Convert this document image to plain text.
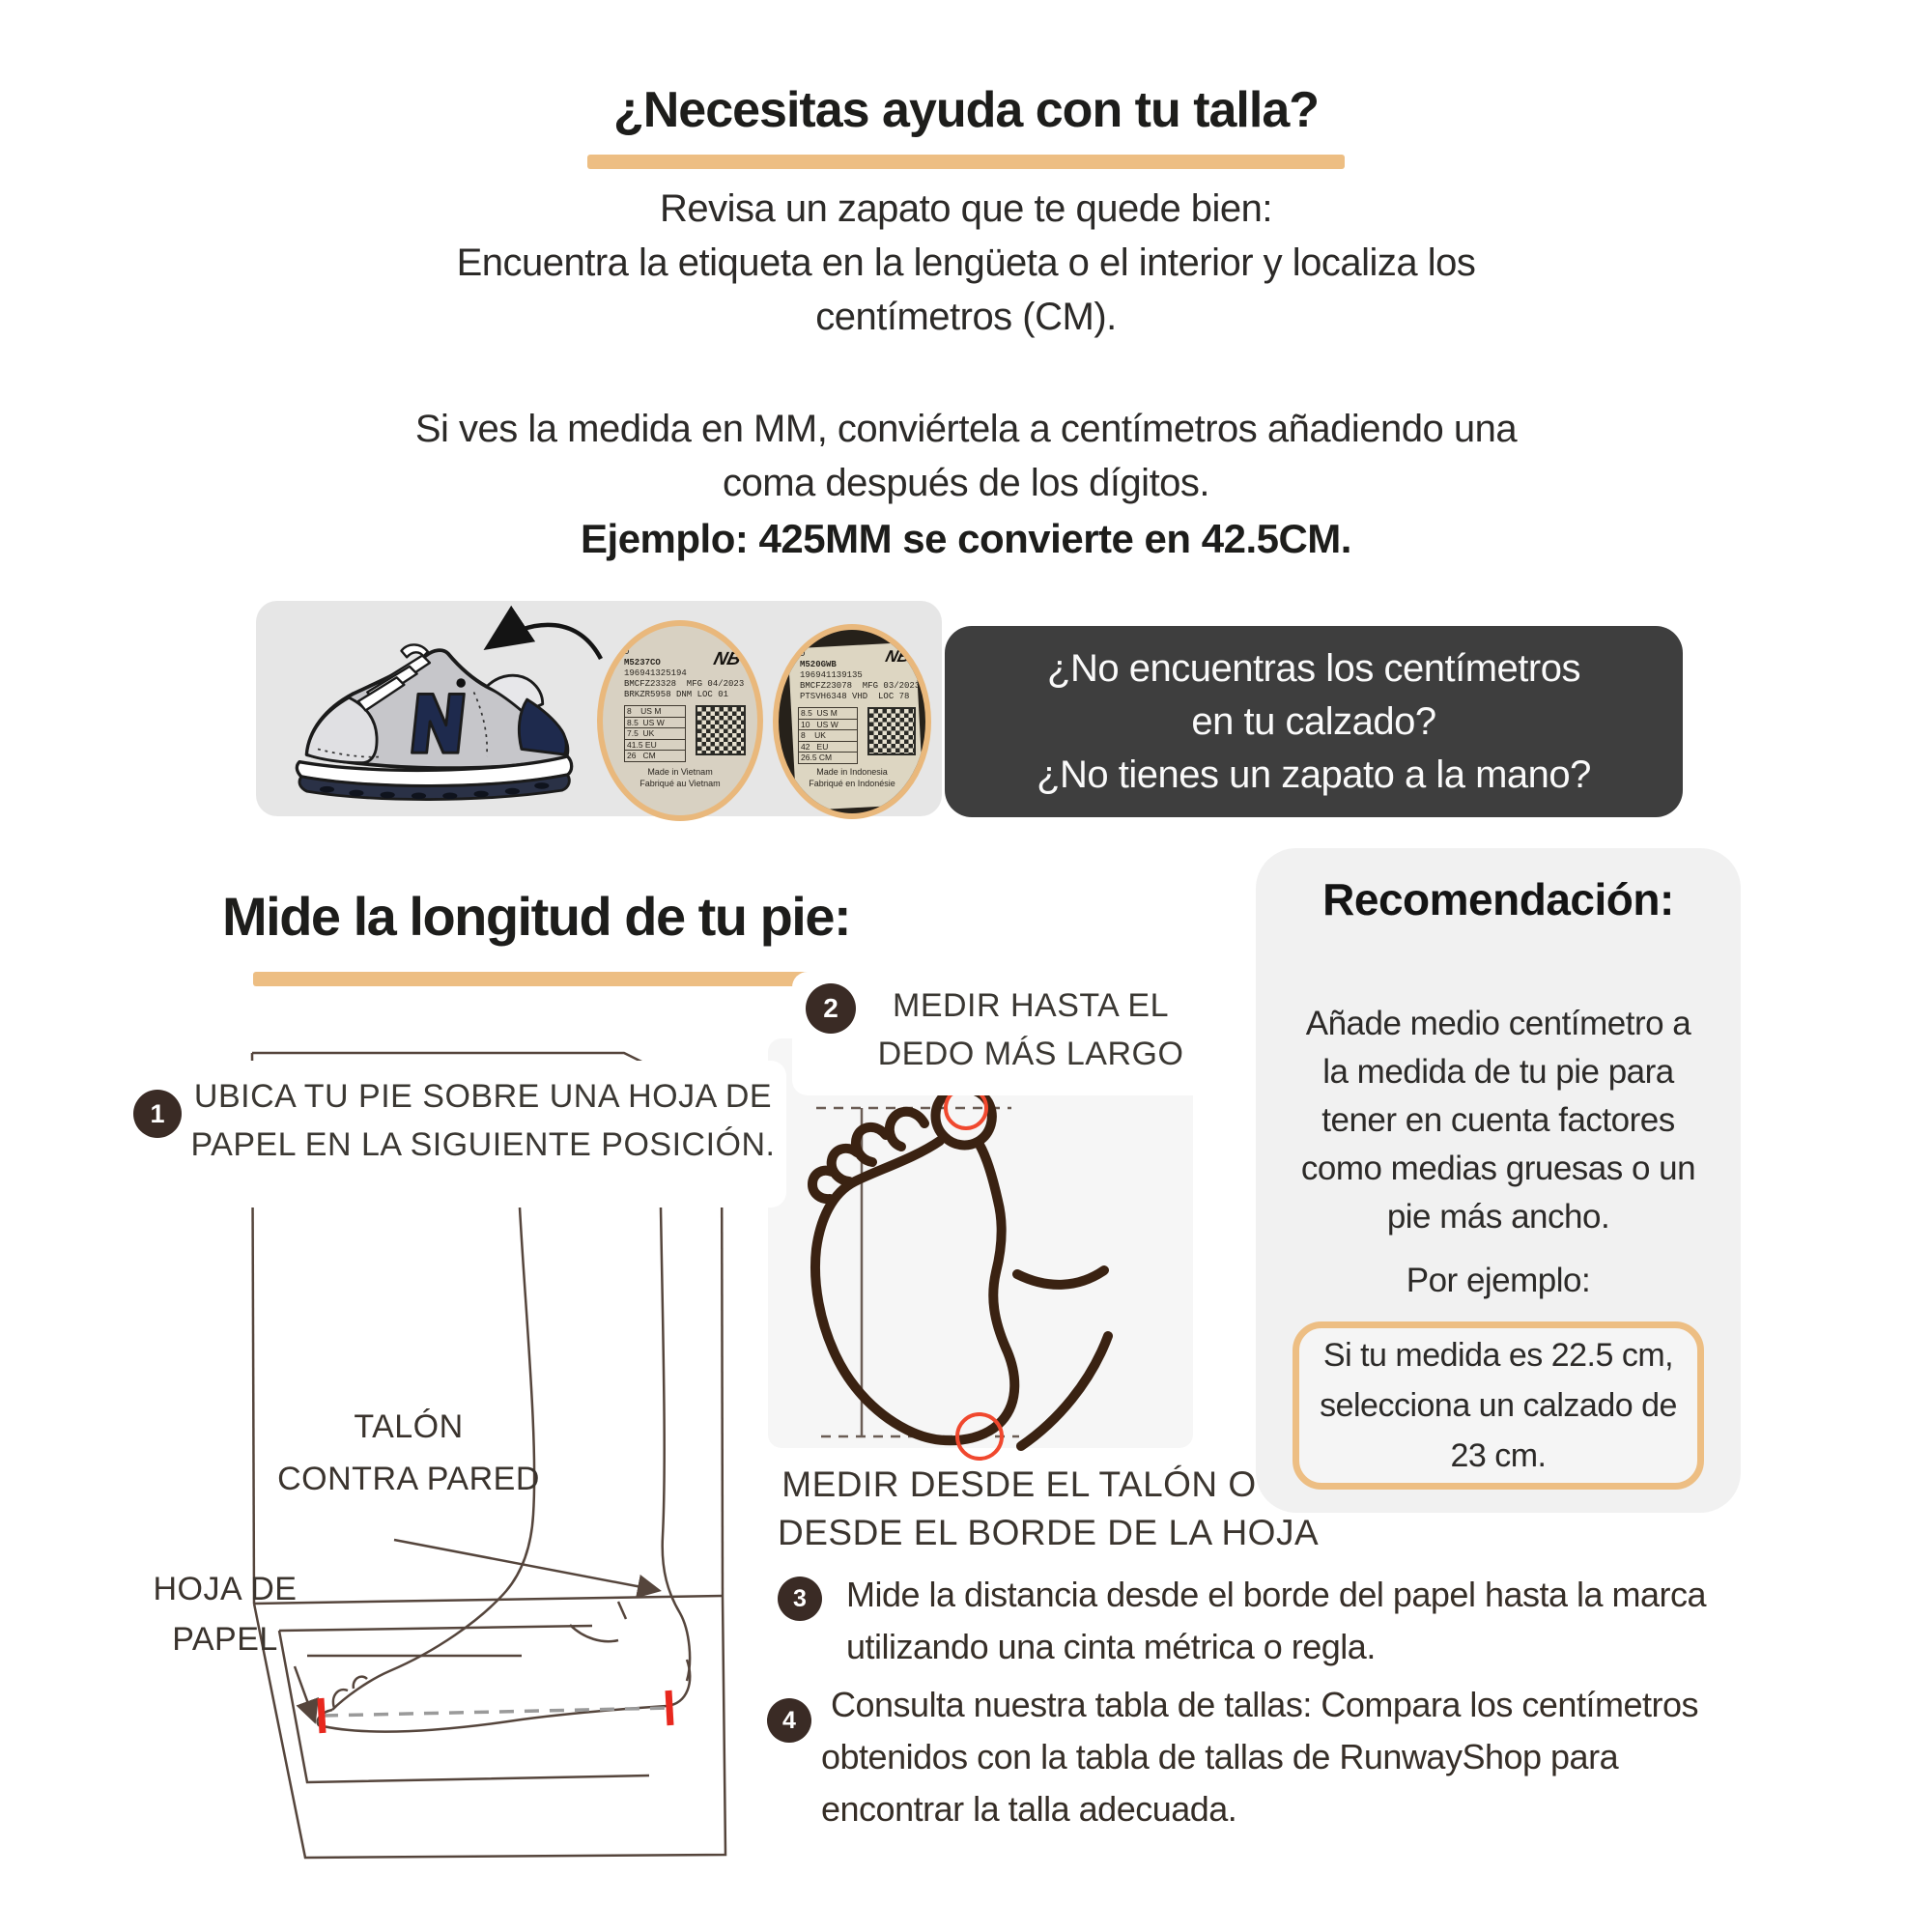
¿Necesitas ayuda con tu talla?
Revisa un zapato que te quede bien:
Encuentra la etiqueta en la lengüeta o el interior y localiza los
centímetros (CM).
Si ves la medida en MM, conviértela a centímetros añadiendo una
coma después de los dígitos.
Ejemplo: 425MM se convierte en 42.5CM.
NB
D
M5237CO
196941325194
BMCFZ23328  MFG 04/2023
BRKZR5958 DNM LOC 01
8    US M
8.5  US W
7.5  UK
41.5 EU
26   CM
Made in Vietnam
Fabriqué au Vietnam
NB
D
M520GWB
196941139135
BMCFZ23078  MFG 03/2023
PTSVH6348 VHD  LOC 78
8.5  US M
10   US W
8    UK
42   EU
26.5 CM
Made in Indonesia
Fabriqué en Indonésie
¿No encuentras los centímetros
en tu calzado?
¿No tienes un zapato a la mano?
Mide la longitud de tu pie:	Recomendación:
Añade medio centímetro a
la medida de tu pie para
tener en cuenta factores
como medias gruesas o un
pie más ancho.
Por ejemplo:
Si tu medida es 22.5 cm,
selecciona un calzado de
23 cm.
1 UBICA TU PIE SOBRE UNA HOJA DE
PAPEL EN LA SIGUIENTE POSICIÓN.
TALÓN
CONTRA PARED
HOJA DE
PAPEL
2	MEDIR HASTA EL
DEDO MÁS LARGO
MEDIR DESDE EL TALÓN O
DESDE EL BORDE DE LA HOJA
3 Mide la distancia desde el borde del papel hasta la marca
utilizando una cinta métrica o regla.
4 Consulta nuestra tabla de tallas: Compara los centímetros
obtenidos con la tabla de tallas de RunwayShop para
encontrar la talla adecuada.
